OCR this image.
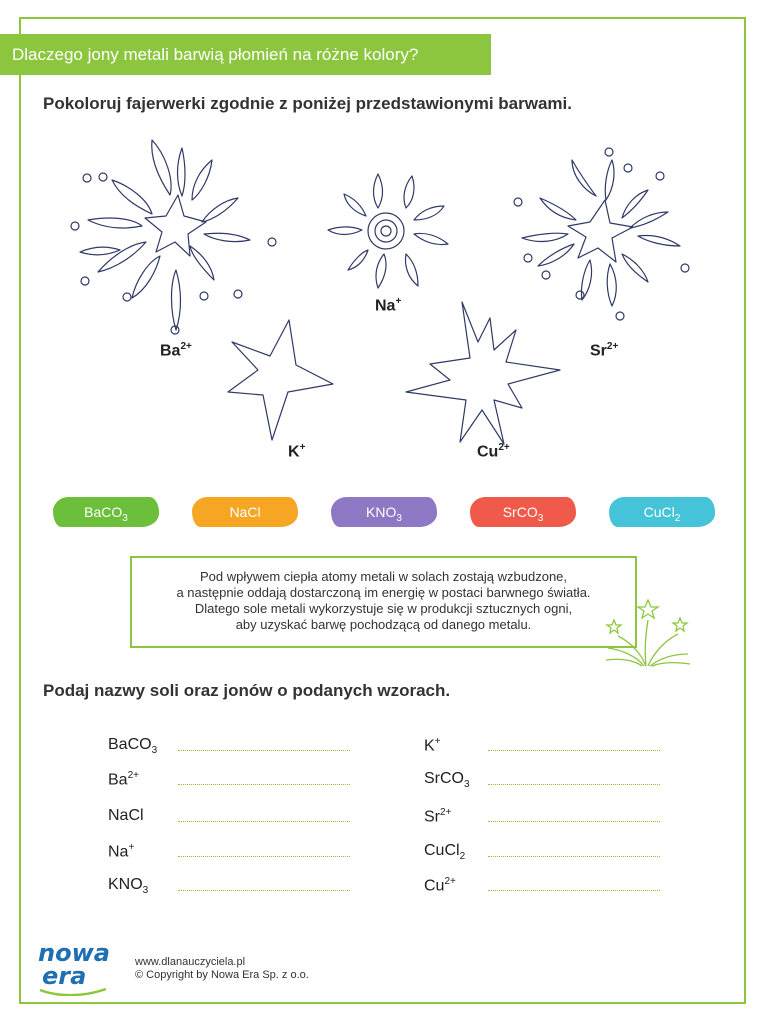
Dlaczego jony metali barwią płomień na różne kolory?
Pokoloruj fajerwerki zgodnie z poniżej przedstawionymi barwami.
$Ba^{2+}$
Na+
$Sr^{2+}$
K+	$Cu^{2+}$
BaCO$_3$	NaCl	$KNO_3$	SrCO$_3$	CuCl$_2$
Pod wpływem ciepła atomy metali w solach zostają wzbudzone,
a następnie oddają dostarczoną im energię w postaci barwnego światła.
Dlatego sole metali wykorzystuje się w produkcji sztucznych ogni,
aby uzyskać barwę pochodzącą od danego metalu.
Podaj nazwy soli oraz jonów o podanych wzorach.
BaCO$_3$
$Ba^{2+}$
NaCl
Na+
$KNO_3$
K+
SrCO$_3$
$Sr^{2+}$
CuCl$_2$
$Cu^{2+}$
nowa
era	www.dlanauczyciela.pl
© Copyright by Nowa Era Sp. z o.o.
